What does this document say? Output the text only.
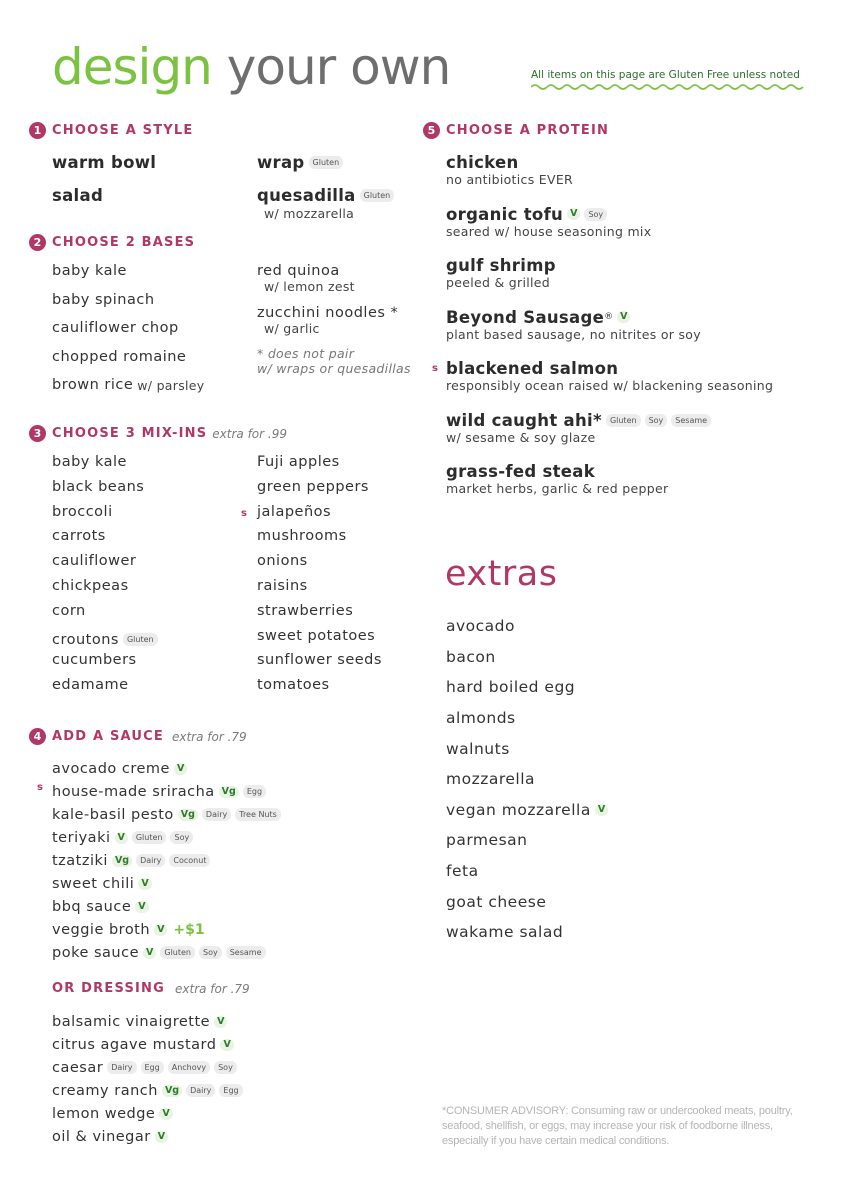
design your own	All items on this page are Gluten Free unless noted
1 CHOOSE A STYLE
warm bowl
salad
wrap	Gluten
quesadilla	Gluten
w/ mozzarella
2 CHOOSE 2 BASES
baby kale
baby spinach
cauliflower chop
chopped romaine
brown rice w/ parsley
red quinoa
w/ lemon zest
zucchini noodles *
w/ garlic
* does not pair
w/ wraps or quesadillas
3 CHOOSE 3 MIX-INS extra for .99
baby kale
black beans
broccoli
carrots
cauliflower
chickpeas
corn
croutons	Gluten
cucumbers
edamame
s
Fuji apples
green peppers
jalapeños
mushrooms
onions
raisins
strawberries
sweet potatoes
sunflower seeds
tomatoes
4 ADD A SAUCE extra for .79
s
avocado creme V
house-made sriracha Vg	Egg
kale-basil pesto Vg	Dairy	Tree Nuts
teriyaki V	Gluten	Soy
tzatziki Vg	Dairy	Coconut
sweet chili V
bbq sauce V
veggie broth V +$1
poke sauce V	Gluten	Soy	Sesame
OR DRESSING extra for .79
balsamic vinaigrette V
citrus agave mustard V
caesar	Dairy	Egg	Anchovy	Soy
creamy ranch Vg	Dairy	Egg
lemon wedge V
oil & vinegar V
5 CHOOSE A PROTEIN
s
chicken
no antibiotics EVER
organic tofu V	Soy
seared w/ house seasoning mix
gulf shrimp
peeled & grilled
Beyond Sausage ® V
plant based sausage, no nitrites or soy
blackened salmon
responsibly ocean raised w/ blackening seasoning
wild caught ahi*	Gluten	Soy	Sesame
w/ sesame & soy glaze
grass-fed steak
market herbs, garlic & red pepper
extras
avocado
bacon
hard boiled egg
almonds
walnuts
mozzarella
vegan mozzarella V
parmesan
feta
goat cheese
wakame salad
*CONSUMER ADVISORY: Consuming raw or undercooked meats, poultry, seafood, shellfish, or eggs, may increase your risk of foodborne illness, especially if you have certain medical conditions.
